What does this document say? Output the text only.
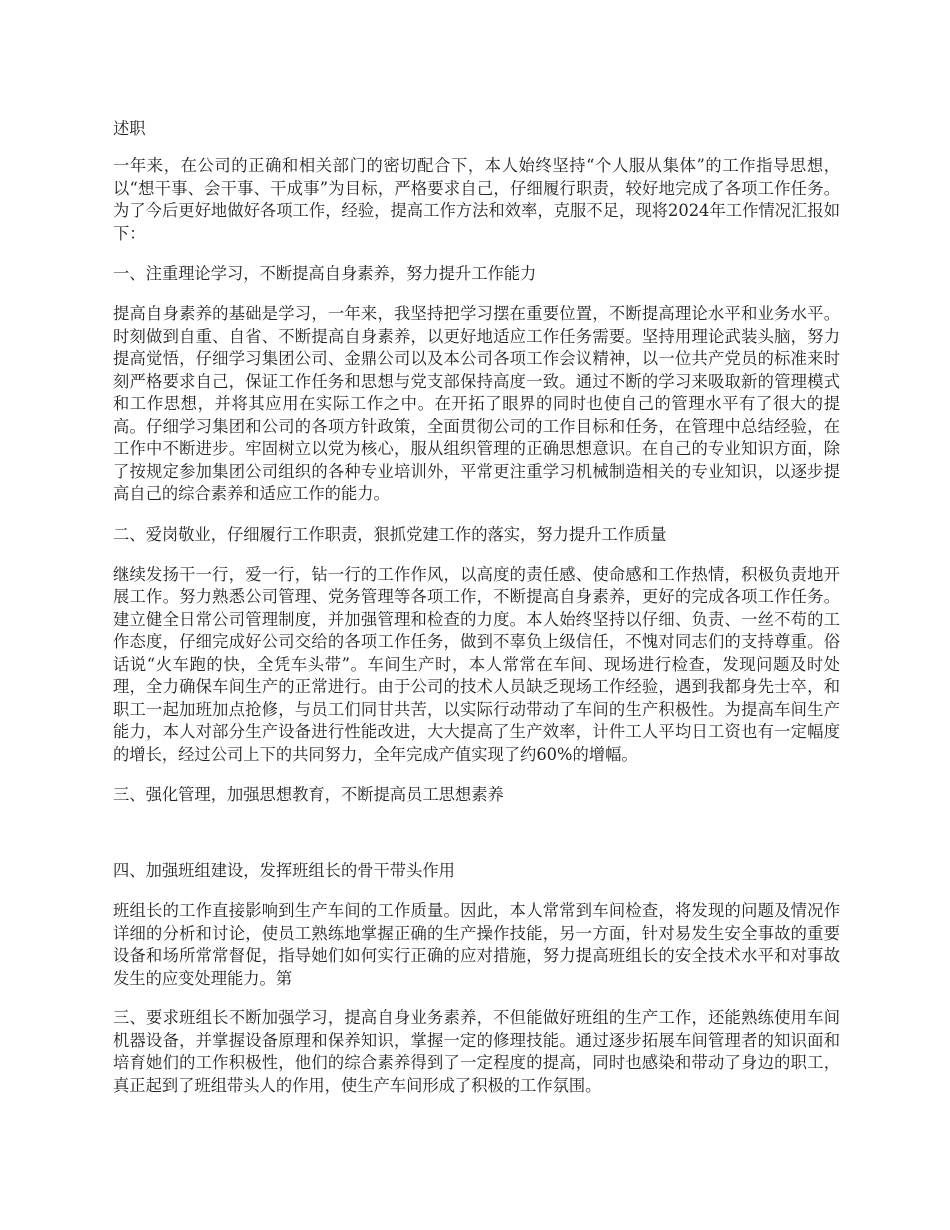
述职

一年来，在公司的正确和相关部门的密切配合下，本人始终坚持“个人服从集体”的工作指导思想，以“想干事、会干事、干成事”为目标，严格要求自己，仔细履行职责，较好地完成了各项工作任务。为了今后更好地做好各项工作，经验，提高工作方法和效率，克服不足，现将2024年工作情况汇报如下：

一、注重理论学习，不断提高自身素养，努力提升工作能力

提高自身素养的基础是学习，一年来，我坚持把学习摆在重要位置，不断提高理论水平和业务水平。时刻做到自重、自省、不断提高自身素养，以更好地适应工作任务需要。坚持用理论武装头脑，努力提高觉悟，仔细学习集团公司、金鼎公司以及本公司各项工作会议精神，以一位共产党员的标准来时刻严格要求自己，保证工作任务和思想与党支部保持高度一致。通过不断的学习来吸取新的管理模式和工作思想，并将其应用在实际工作之中。在开拓了眼界的同时也使自己的管理水平有了很大的提高。仔细学习集团和公司的各项方针政策，全面贯彻公司的工作目标和任务，在管理中总结经验，在工作中不断进步。牢固树立以党为核心，服从组织管理的正确思想意识。在自己的专业知识方面，除了按规定参加集团公司组织的各种专业培训外，平常更注重学习机械制造相关的专业知识，以逐步提高自己的综合素养和适应工作的能力。

二、爱岗敬业，仔细履行工作职责，狠抓党建工作的落实，努力提升工作质量

继续发扬干一行，爱一行，钻一行的工作作风，以高度的责任感、使命感和工作热情，积极负责地开展工作。努力熟悉公司管理、党务管理等各项工作，不断提高自身素养，更好的完成各项工作任务。建立健全日常公司管理制度，并加强管理和检查的力度。本人始终坚持以仔细、负责、一丝不苟的工作态度，仔细完成好公司交给的各项工作任务，做到不辜负上级信任，不愧对同志们的支持尊重。俗话说“火车跑的快，全凭车头带”。车间生产时，本人常常在车间、现场进行检查，发现问题及时处理，全力确保车间生产的正常进行。由于公司的技术人员缺乏现场工作经验，遇到我都身先士卒，和职工一起加班加点抢修，与员工们同甘共苦，以实际行动带动了车间的生产积极性。为提高车间生产能力，本人对部分生产设备进行性能改进，大大提高了生产效率，计件工人平均日工资也有一定幅度的增长，经过公司上下的共同努力，全年完成产值实现了约60%的增幅。

三、强化管理，加强思想教育，不断提高员工思想素养
四、加强班组建设，发挥班组长的骨干带头作用

班组长的工作直接影响到生产车间的工作质量。因此，本人常常到车间检查，将发现的问题及情况作详细的分析和讨论，使员工熟练地掌握正确的生产操作技能，另一方面，针对易发生安全事故的重要设备和场所常常督促，指导她们如何实行正确的应对措施，努力提高班组长的安全技术水平和对事故发生的应变处理能力。第

三、要求班组长不断加强学习，提高自身业务素养，不但能做好班组的生产工作，还能熟练使用车间机器设备，并掌握设备原理和保养知识，掌握一定的修理技能。通过逐步拓展车间管理者的知识面和培育她们的工作积极性，他们的综合素养得到了一定程度的提高，同时也感染和带动了身边的职工，真正起到了班组带头人的作用，使生产车间形成了积极的工作氛围。
